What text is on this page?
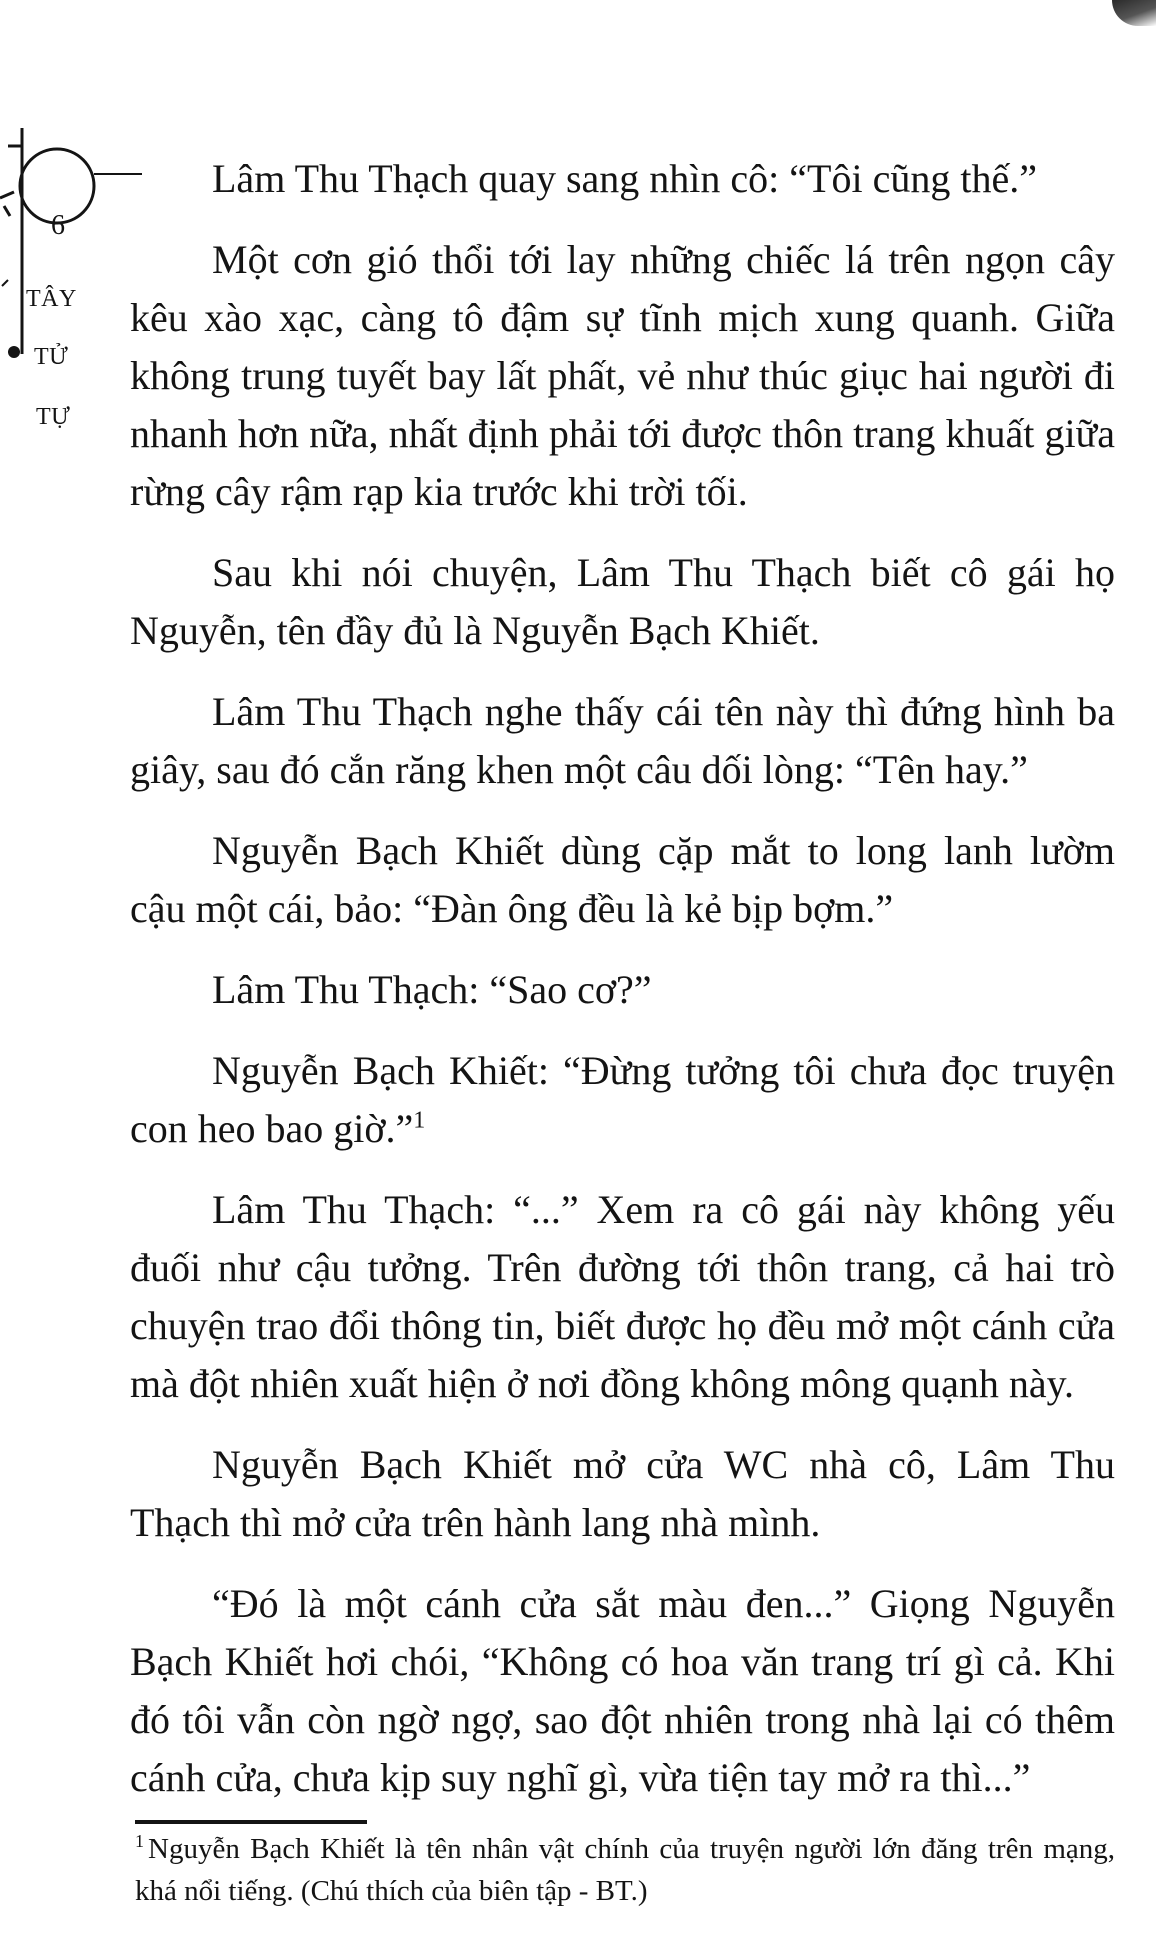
6
TÂY
TỬ
TỰ

Lâm Thu Thạch quay sang nhìn cô: “Tôi cũng thế.”

Một cơn gió thổi tới lay những chiếc lá trên ngọn cây kêu xào xạc, càng tô đậm sự tĩnh mịch xung quanh. Giữa không trung tuyết bay lất phất, vẻ như thúc giục hai người đi nhanh hơn nữa, nhất định phải tới được thôn trang khuất giữa rừng cây rậm rạp kia trước khi trời tối.

Sau khi nói chuyện, Lâm Thu Thạch biết cô gái họ Nguyễn, tên đầy đủ là Nguyễn Bạch Khiết.

Lâm Thu Thạch nghe thấy cái tên này thì đứng hình ba giây, sau đó cắn răng khen một câu dối lòng: “Tên hay.”

Nguyễn Bạch Khiết dùng cặp mắt to long lanh lườm cậu một cái, bảo: “Đàn ông đều là kẻ bịp bợm.”

Lâm Thu Thạch: “Sao cơ?”

Nguyễn Bạch Khiết: “Đừng tưởng tôi chưa đọc truyện con heo bao giờ.”$^1$

Lâm Thu Thạch: “...” Xem ra cô gái này không yếu đuối như cậu tưởng. Trên đường tới thôn trang, cả hai trò chuyện trao đổi thông tin, biết được họ đều mở một cánh cửa mà đột nhiên xuất hiện ở nơi đồng không mông quạnh này.

Nguyễn Bạch Khiết mở cửa WC nhà cô, Lâm Thu Thạch thì mở cửa trên hành lang nhà mình.

“Đó là một cánh cửa sắt màu đen...” Giọng Nguyễn Bạch Khiết hơi chói, “Không có hoa văn trang trí gì cả. Khi đó tôi vẫn còn ngờ ngợ, sao đột nhiên trong nhà lại có thêm cánh cửa, chưa kịp suy nghĩ gì, vừa tiện tay mở ra thì...”

$^1$ Nguyễn Bạch Khiết là tên nhân vật chính của truyện người lớn đăng trên mạng, khá nổi tiếng. (Chú thích của biên tập - BT.)
